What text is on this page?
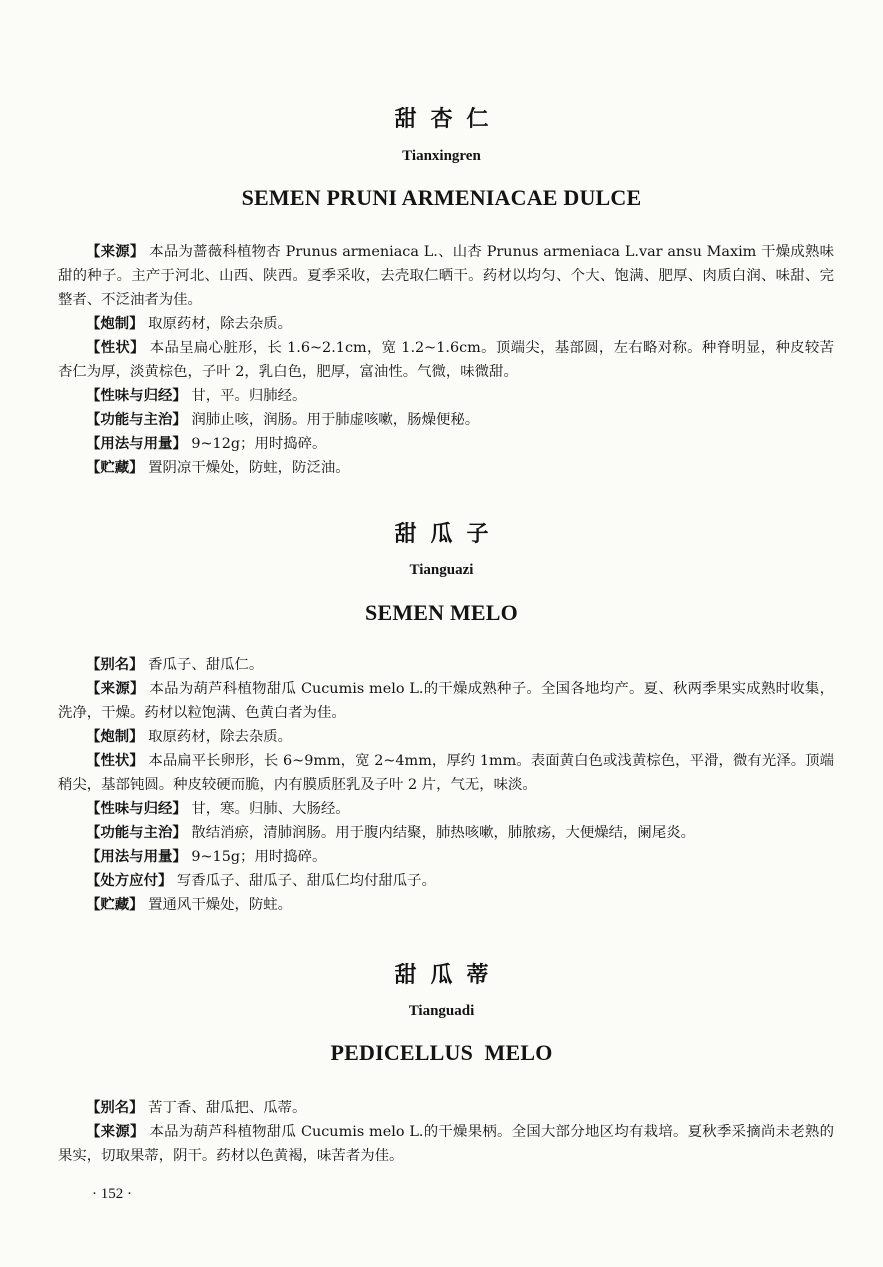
甜杏仁
Tianxingren
SEMEN PRUNI ARMENIACAE DULCE

【来源】 本品为蔷薇科植物杏 Prunus armeniaca L.、山杏 Prunus armeniaca L.var ansu Maxim 干燥成熟味甜的种子。主产于河北、山西、陕西。夏季采收，去壳取仁晒干。药材以均匀、个大、饱满、肥厚、肉质白润、味甜、完整者、不泛油者为佳。

【炮制】 取原药材，除去杂质。

【性状】 本品呈扁心脏形，长 1.6~2.1cm，宽 1.2~1.6cm。顶端尖，基部圆，左右略对称。种脊明显，种皮较苦杏仁为厚，淡黄棕色，子叶 2，乳白色，肥厚，富油性。气微，味微甜。

【性味与归经】 甘，平。归肺经。

【功能与主治】 润肺止咳，润肠。用于肺虚咳嗽，肠燥便秘。

【用法与用量】 9~12g；用时捣碎。

【贮藏】 置阴凉干燥处，防蛀，防泛油。

甜瓜子
Tianguazi
SEMEN MELO

【别名】 香瓜子、甜瓜仁。

【来源】 本品为葫芦科植物甜瓜 Cucumis melo L.的干燥成熟种子。全国各地均产。夏、秋两季果实成熟时收集，洗净，干燥。药材以粒饱满、色黄白者为佳。

【炮制】 取原药材，除去杂质。

【性状】 本品扁平长卵形，长 6~9mm，宽 2~4mm，厚约 1mm。表面黄白色或浅黄棕色，平滑，微有光泽。顶端稍尖，基部钝圆。种皮较硬而脆，内有膜质胚乳及子叶 2 片，气无，味淡。

【性味与归经】 甘，寒。归肺、大肠经。

【功能与主治】 散结消瘀，清肺润肠。用于腹内结聚，肺热咳嗽，肺脓疡，大便燥结，阑尾炎。

【用法与用量】 9~15g；用时捣碎。

【处方应付】 写香瓜子、甜瓜子、甜瓜仁均付甜瓜子。

【贮藏】 置通风干燥处，防蛀。

甜瓜蒂
Tianguadi
PEDICELLUS  MELO

【别名】 苦丁香、甜瓜把、瓜蒂。

【来源】 本品为葫芦科植物甜瓜 Cucumis melo L.的干燥果柄。全国大部分地区均有栽培。夏秋季采摘尚未老熟的果实，切取果蒂，阴干。药材以色黄褐，味苦者为佳。

· 152 ·
